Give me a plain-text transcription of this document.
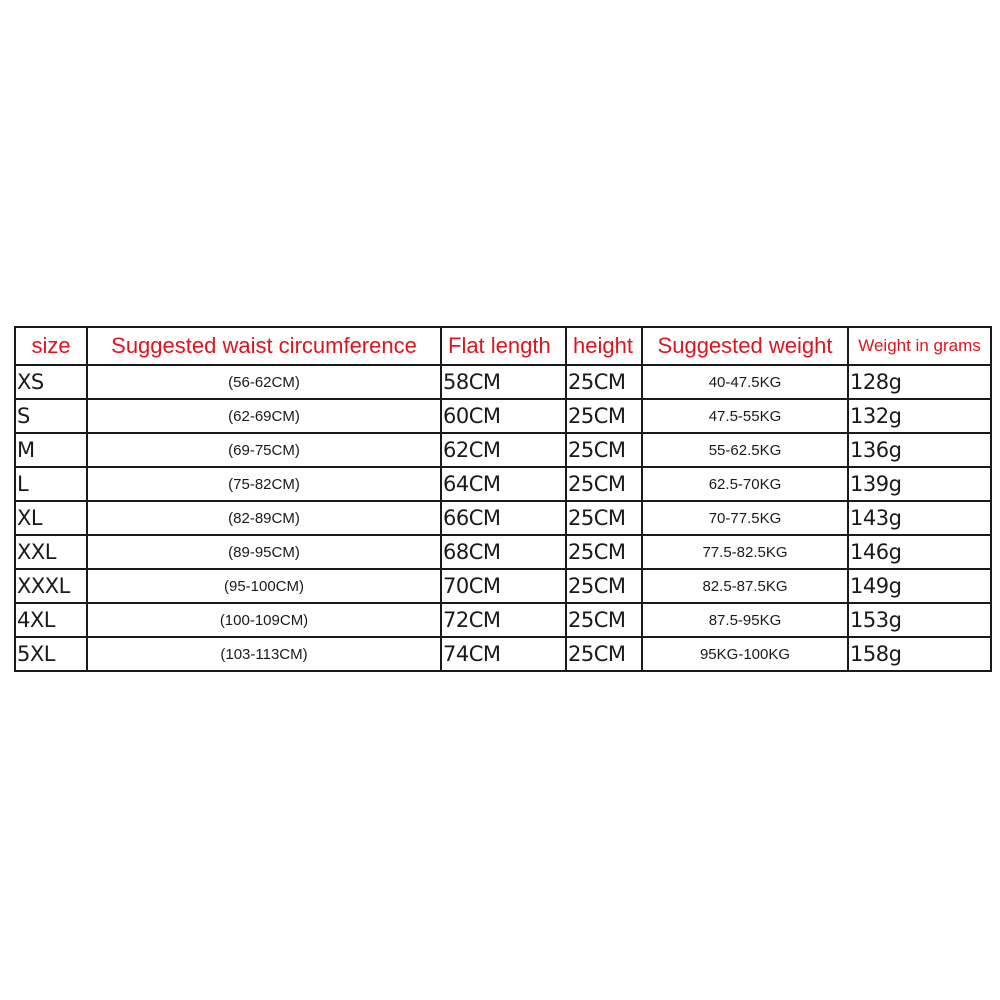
size	Suggested waist circumference	Flat length	height	Suggested weight	Weight in grams
XS	(56-62CM)	58CM	25CM	40-47.5KG	128g
S	(62-69CM)	60CM	25CM	47.5-55KG	132g
M	(69-75CM)	62CM	25CM	55-62.5KG	136g
L	(75-82CM)	64CM	25CM	62.5-70KG	139g
XL	(82-89CM)	66CM	25CM	70-77.5KG	143g
XXL	(89-95CM)	68CM	25CM	77.5-82.5KG	146g
XXXL	(95-100CM)	70CM	25CM	82.5-87.5KG	149g
4XL	(100-109CM)	72CM	25CM	87.5-95KG	153g
5XL	(103-113CM)	74CM	25CM	95KG-100KG	158g
